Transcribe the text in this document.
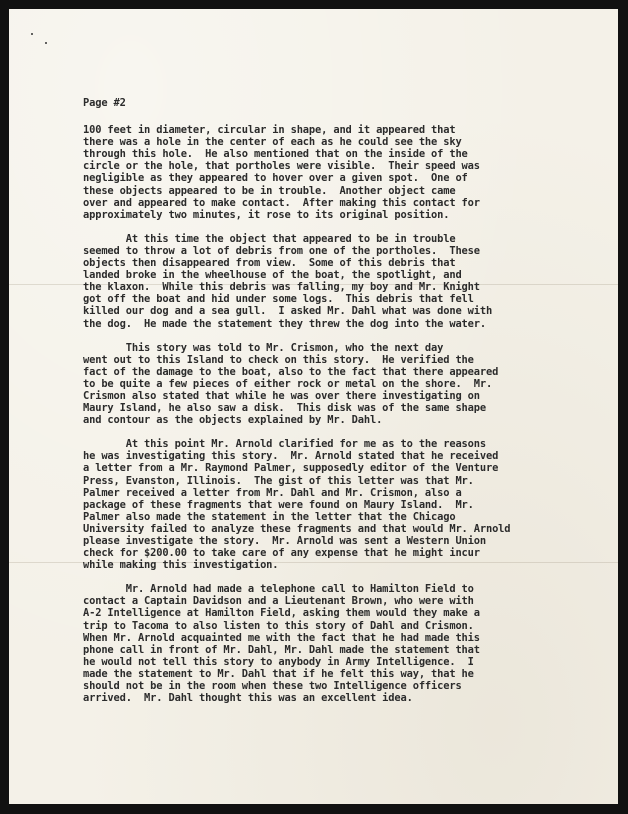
Page #2
100 feet in diameter, circular in shape, and it appeared that
there was a hole in the center of each as he could see the sky
through this hole.  He also mentioned that on the inside of the
circle or the hole, that portholes were visible.  Their speed was
negligible as they appeared to hover over a given spot.  One of
these objects appeared to be in trouble.  Another object came
over and appeared to make contact.  After making this contact for
approximately two minutes, it rose to its original position.
At this time the object that appeared to be in trouble
seemed to throw a lot of debris from one of the portholes.  These
objects then disappeared from view.  Some of this debris that
landed broke in the wheelhouse of the boat, the spotlight, and
the klaxon.  While this debris was falling, my boy and Mr. Knight
got off the boat and hid under some logs.  This debris that fell
killed our dog and a sea gull.  I asked Mr. Dahl what was done with
the dog.  He made the statement they threw the dog into the water.
This story was told to Mr. Crismon, who the next day
went out to this Island to check on this story.  He verified the
fact of the damage to the boat, also to the fact that there appeared
to be quite a few pieces of either rock or metal on the shore.  Mr.
Crismon also stated that while he was over there investigating on
Maury Island, he also saw a disk.  This disk was of the same shape
and contour as the objects explained by Mr. Dahl.
At this point Mr. Arnold clarified for me as to the reasons
he was investigating this story.  Mr. Arnold stated that he received
a letter from a Mr. Raymond Palmer, supposedly editor of the Venture
Press, Evanston, Illinois.  The gist of this letter was that Mr.
Palmer received a letter from Mr. Dahl and Mr. Crismon, also a
package of these fragments that were found on Maury Island.  Mr.
Palmer also made the statement in the letter that the Chicago
University failed to analyze these fragments and that would Mr. Arnold
please investigate the story.  Mr. Arnold was sent a Western Union
check for $200.00 to take care of any expense that he might incur
while making this investigation.
Mr. Arnold had made a telephone call to Hamilton Field to
contact a Captain Davidson and a Lieutenant Brown, who were with
A-2 Intelligence at Hamilton Field, asking them would they make a
trip to Tacoma to also listen to this story of Dahl and Crismon.
When Mr. Arnold acquainted me with the fact that he had made this
phone call in front of Mr. Dahl, Mr. Dahl made the statement that
he would not tell this story to anybody in Army Intelligence.  I
made the statement to Mr. Dahl that if he felt this way, that he
should not be in the room when these two Intelligence officers
arrived.  Mr. Dahl thought this was an excellent idea.
